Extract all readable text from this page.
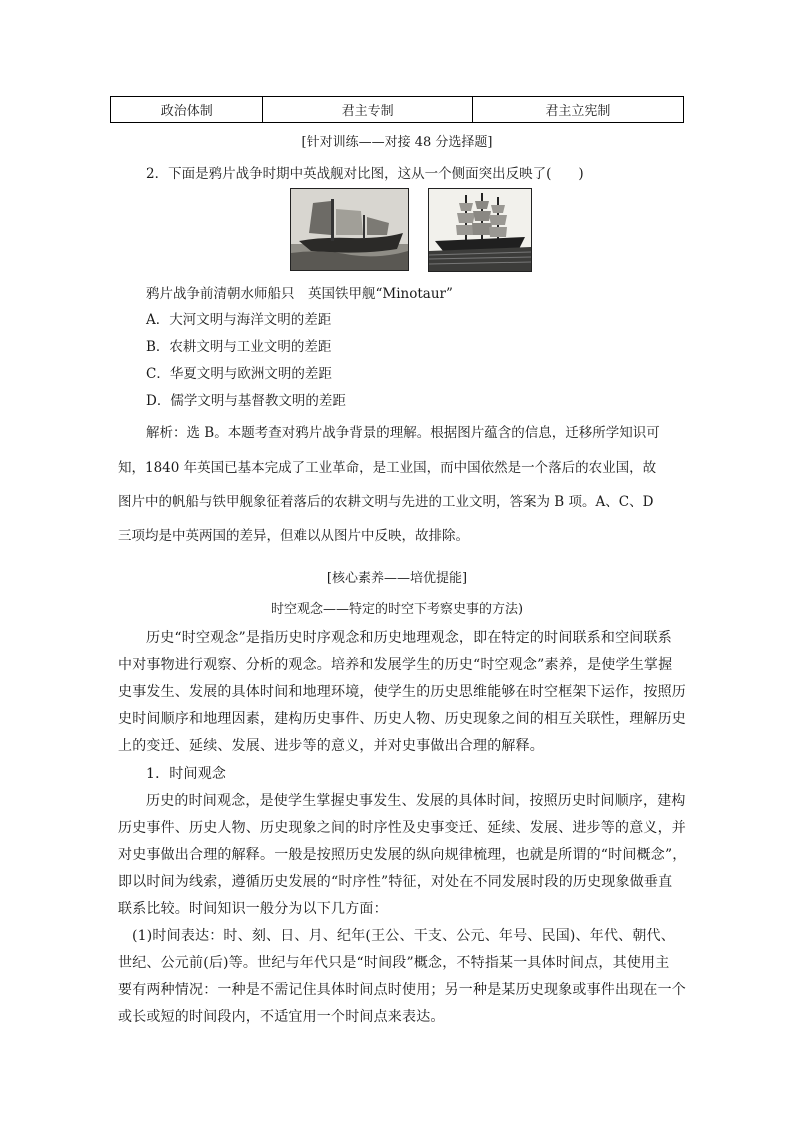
政治体制	君主专制	君主立宪制
[针对训练——对接 48 分选择题]
2．下面是鸦片战争时期中英战舰对比图，这从一个侧面突出反映了(　　)
鸦片战争前清朝水师船只　英国铁甲舰“Minotaur”
A．大河文明与海洋文明的差距
B．农耕文明与工业文明的差距
C．华夏文明与欧洲文明的差距
D．儒学文明与基督教文明的差距
解析：选 B。本题考查对鸦片战争背景的理解。根据图片蕴含的信息，迁移所学知识可
知，1840 年英国已基本完成了工业革命，是工业国，而中国依然是一个落后的农业国，故
图片中的帆船与铁甲舰象征着落后的农耕文明与先进的工业文明，答案为 B 项。A、C、D
三项均是中英两国的差异，但难以从图片中反映，故排除。
[核心素养——培优提能]
时空观念——特定的时空下考察史事的方法)
历史“时空观念”是指历史时序观念和历史地理观念，即在特定的时间联系和空间联系
中对事物进行观察、分析的观念。培养和发展学生的历史“时空观念”素养，是使学生掌握
史事发生、发展的具体时间和地理环境，使学生的历史思维能够在时空框架下运作，按照历
史时间顺序和地理因素，建构历史事件、历史人物、历史现象之间的相互关联性，理解历史
上的变迁、延续、发展、进步等的意义，并对史事做出合理的解释。
1．时间观念
历史的时间观念，是使学生掌握史事发生、发展的具体时间，按照历史时间顺序，建构
历史事件、历史人物、历史现象之间的时序性及史事变迁、延续、发展、进步等的意义，并
对史事做出合理的解释。一般是按照历史发展的纵向规律梳理，也就是所谓的“时间概念”，
即以时间为线索，遵循历史发展的“时序性”特征，对处在不同发展时段的历史现象做垂直
联系比较。时间知识一般分为以下几方面：
(1)时间表达：时、刻、日、月、纪年(王公、干支、公元、年号、民国)、年代、朝代、
世纪、公元前(后)等。世纪与年代只是“时间段”概念，不特指某一具体时间点，其使用主
要有两种情况：一种是不需记住具体时间点时使用；另一种是某历史现象或事件出现在一个
或长或短的时间段内，不适宜用一个时间点来表达。
